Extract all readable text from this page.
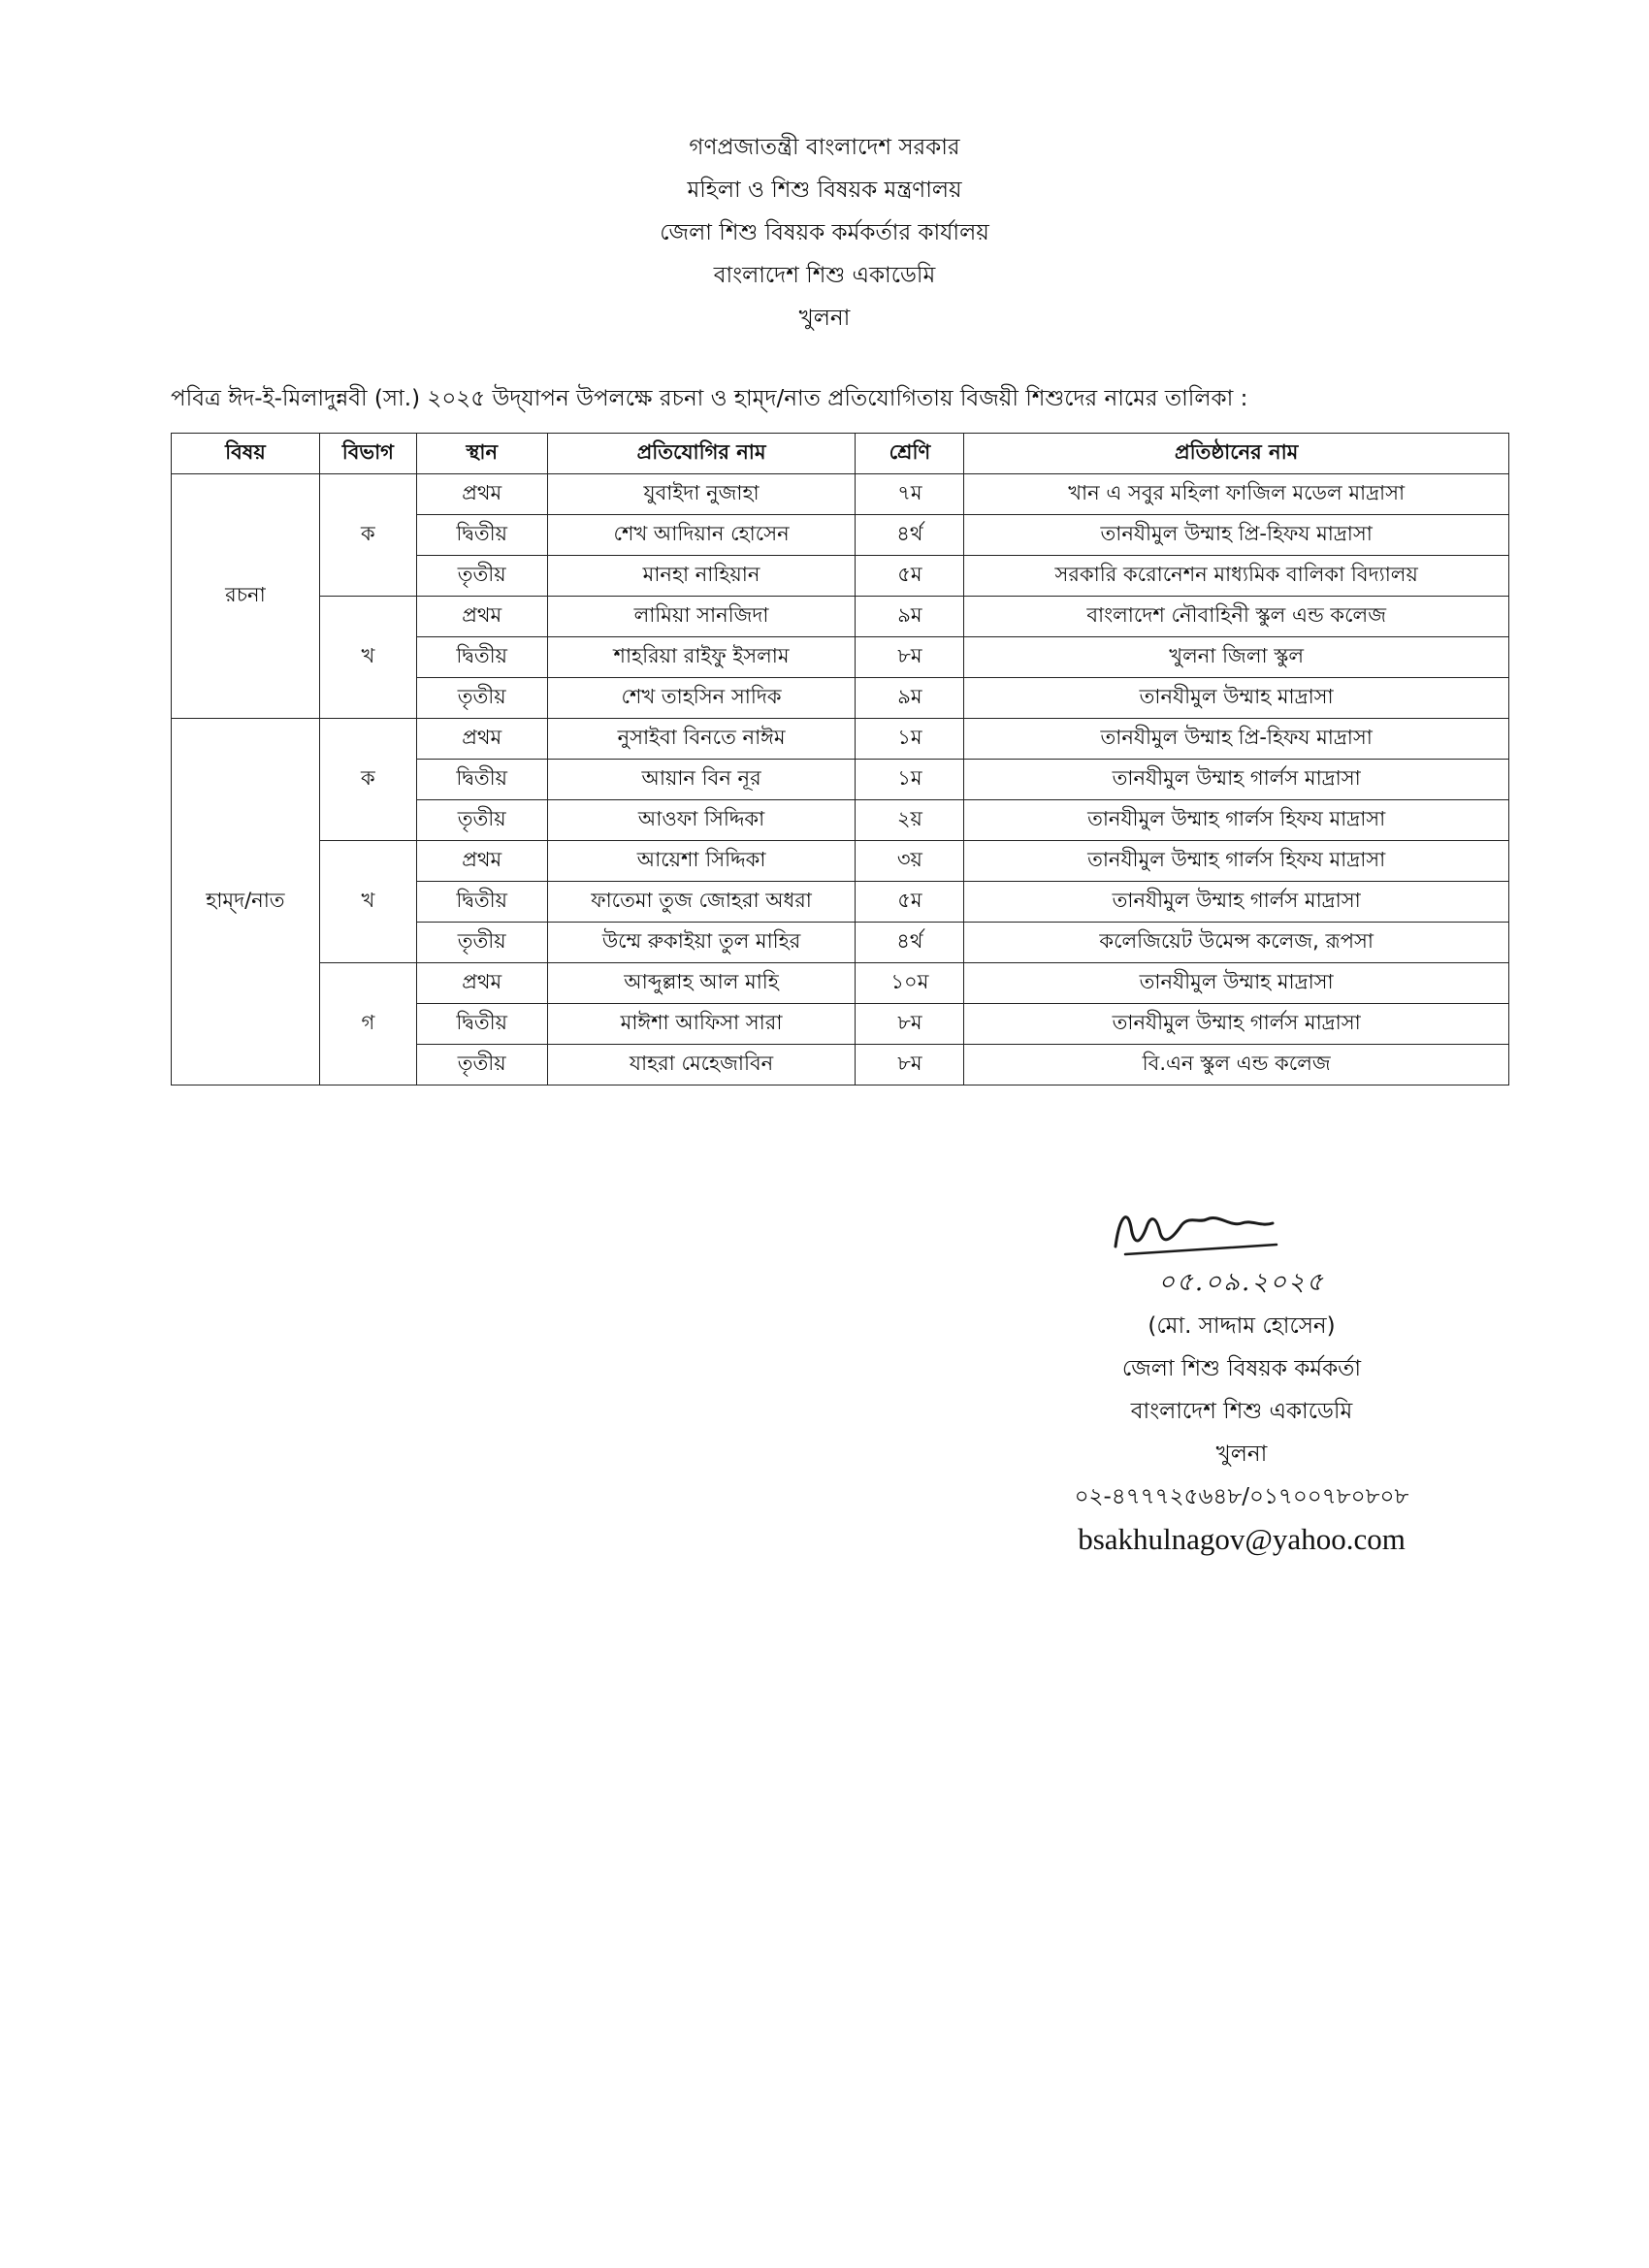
গণপ্রজাতন্ত্রী বাংলাদেশ সরকার
মহিলা ও শিশু বিষয়ক মন্ত্রণালয়
জেলা শিশু বিষয়ক কর্মকর্তার কার্যালয়
বাংলাদেশ শিশু একাডেমি
খুলনা
পবিত্র ঈদ-ই-মিলাদুন্নবী (সা.) ২০২৫ উদ্‌যাপন উপলক্ষে রচনা ও হাম্‌দ/নাত প্রতিযোগিতায় বিজয়ী শিশুদের নামের তালিকা :
বিষয়	বিভাগ	স্থান	প্রতিযোগির নাম	শ্রেণি	প্রতিষ্ঠানের নাম
রচনা	ক	প্রথম	যুবাইদা নুজাহা	৭ম	খান এ সবুর মহিলা ফাজিল মডেল মাদ্রাসা
		দ্বিতীয়	শেখ আদিয়ান হোসেন	৪র্থ	তানযীমুল উম্মাহ প্রি-হিফয মাদ্রাসা
		তৃতীয়	মানহা নাহিয়ান	৫ম	সরকারি করোনেশন মাধ্যমিক বালিকা বিদ্যালয়
	খ	প্রথম	লামিয়া সানজিদা	৯ম	বাংলাদেশ নৌবাহিনী স্কুল এন্ড কলেজ
		দ্বিতীয়	শাহরিয়া রাইফু ইসলাম	৮ম	খুলনা জিলা স্কুল
		তৃতীয়	শেখ তাহসিন সাদিক	৯ম	তানযীমুল উম্মাহ মাদ্রাসা
হাম্‌দ/নাত	ক	প্রথম	নুসাইবা বিনতে নাঈম	১ম	তানযীমুল উম্মাহ প্রি-হিফয মাদ্রাসা
		দ্বিতীয়	আয়ান বিন নূর	১ম	তানযীমুল উম্মাহ গার্লস মাদ্রাসা
		তৃতীয়	আওফা সিদ্দিকা	২য়	তানযীমুল উম্মাহ গার্লস হিফয মাদ্রাসা
	খ	প্রথম	আয়েশা সিদ্দিকা	৩য়	তানযীমুল উম্মাহ গার্লস হিফয মাদ্রাসা
		দ্বিতীয়	ফাতেমা তুজ জোহরা অধরা	৫ম	তানযীমুল উম্মাহ গার্লস মাদ্রাসা
		তৃতীয়	উম্মে রুকাইয়া তুল মাহির	৪র্থ	কলেজিয়েট উমেন্স কলেজ, রূপসা
	গ	প্রথম	আব্দুল্লাহ আল মাহি	১০ম	তানযীমুল উম্মাহ মাদ্রাসা
		দ্বিতীয়	মাঈশা আফিসা সারা	৮ম	তানযীমুল উম্মাহ গার্লস মাদ্রাসা
		তৃতীয়	যাহরা মেহেজাবিন	৮ম	বি.এন স্কুল এন্ড কলেজ
০৫.০৯.২০২৫
(মো. সাদ্দাম হোসেন)
জেলা শিশু বিষয়ক কর্মকর্তা
বাংলাদেশ শিশু একাডেমি
খুলনা
০২-৪৭৭৭২৫৬৪৮/০১৭০০৭৮০৮০৮
bsakhulnagov@yahoo.com
